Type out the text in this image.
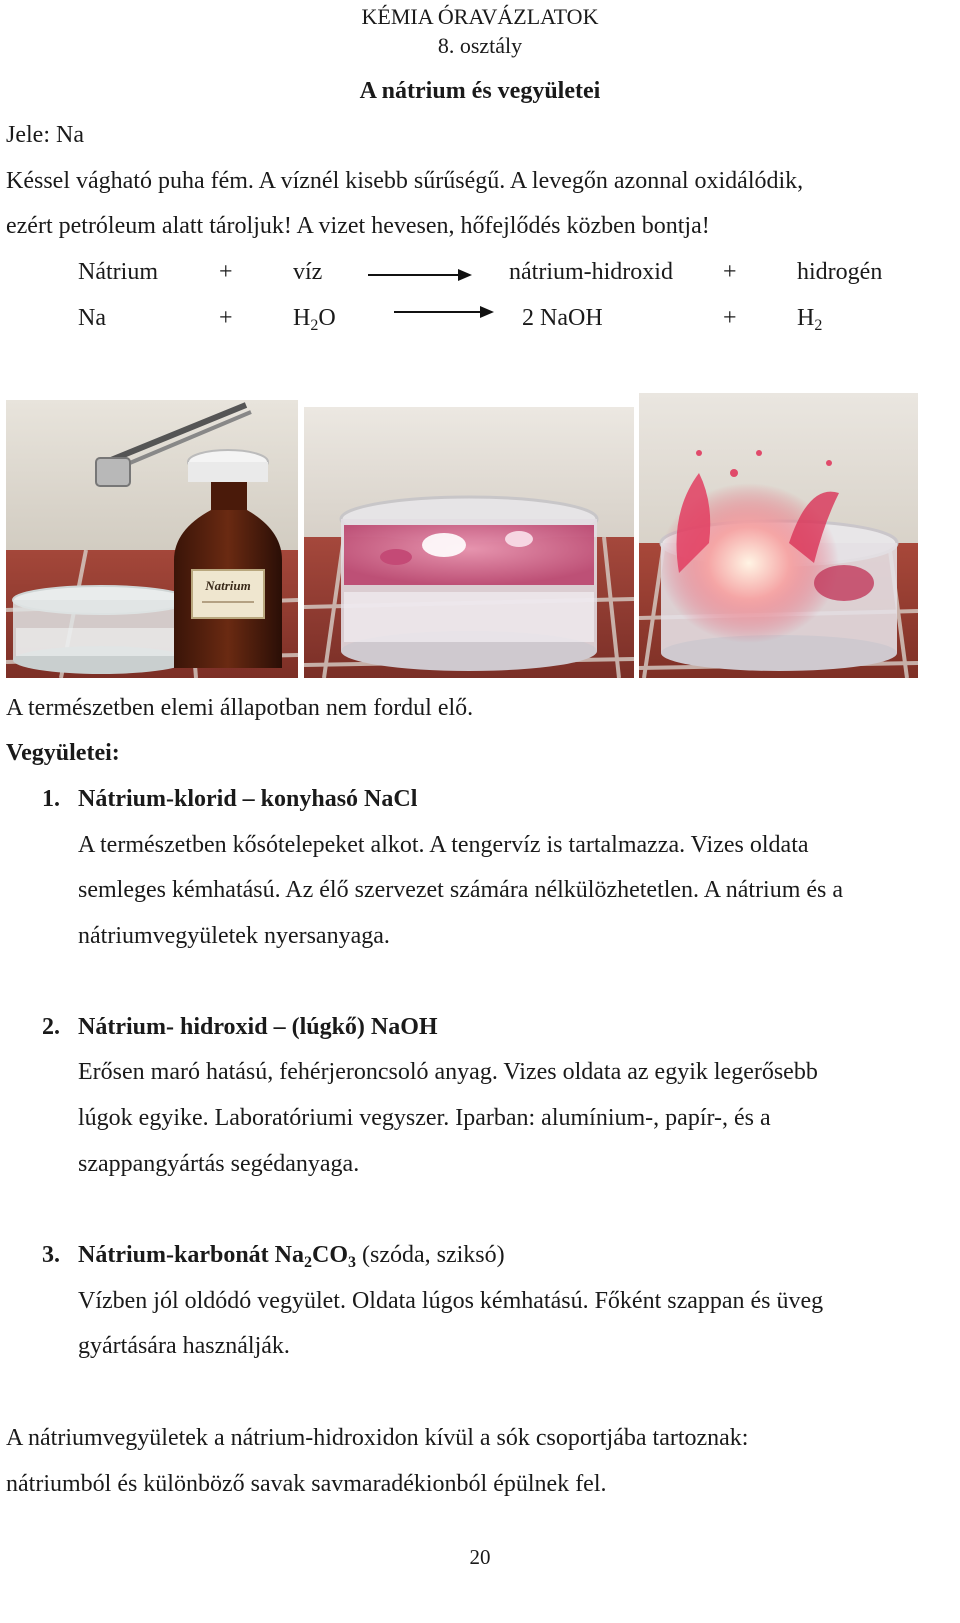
KÉMIA ÓRAVÁZLATOK
8. osztály
A nátrium és vegyületei
Jele: Na
Késsel vágható puha fém. A víznél kisebb sűrűségű. A levegőn azonnal oxidálódik,
ezért petróleum alatt tároljuk! A vizet hevesen, hőfejlődés közben bontja!
Nátrium	+	víz	nátrium-hidroxid +	hidrogén
Na	+	$H_2O$	2 NaOH	+	$H_2$
Natrium
A természetben elemi állapotban nem fordul elő.
Vegyületei:
1. Nátrium-klorid – konyhasó NaCl
A természetben kősótelepeket alkot. A tengervíz is tartalmazza. Vizes oldata
semleges kémhatású. Az élő szervezet számára nélkülözhetetlen. A nátrium és a
nátriumvegyületek nyersanyaga.
2. Nátrium- hidroxid – (lúgkő) NaOH
Erősen maró hatású, fehérjeroncsoló anyag. Vizes oldata az egyik legerősebb
lúgok egyike. Laboratóriumi vegyszer. Iparban: alumínium-, papír-, és a
szappangyártás segédanyaga.
3. Nátrium-karbonát $Na_2CO_3$ (szóda, sziksó)
Vízben jól oldódó vegyület. Oldata lúgos kémhatású. Főként szappan és üveg
gyártására használják.
A nátriumvegyületek a nátrium-hidroxidon kívül a sók csoportjába tartoznak:
nátriumból és különböző savak savmaradékionból épülnek fel.
20
